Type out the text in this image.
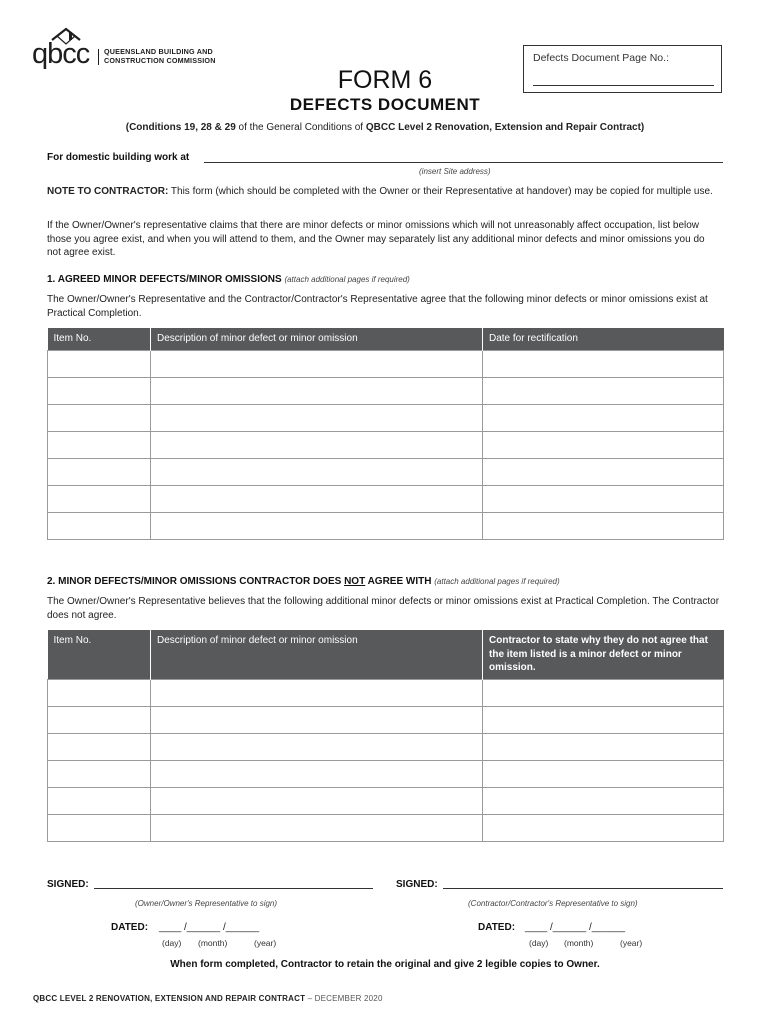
qbcc QUEENSLAND BUILDING AND
CONSTRUCTION COMMISSION	Defects Document Page No.:
FORM 6
DEFECTS DOCUMENT
(Conditions 19, 28 & 29 of the General Conditions of QBCC Level 2 Renovation, Extension and Repair Contract)
For domestic building work at
(insert Site address)
NOTE TO CONTRACTOR: This form (which should be completed with the Owner or their Representative at handover) may be copied for multiple use.
If the Owner/Owner's representative claims that there are minor defects or minor omissions which will not unreasonably affect occupation, list below those you agree exist, and when you will attend to them, and the Owner may separately list any additional minor defects and minor omissions you do not agree exist.
1. AGREED MINOR DEFECTS/MINOR OMISSIONS (attach additional pages if required)
The Owner/Owner's Representative and the Contractor/Contractor's Representative agree that the following minor defects or minor omissions exist at Practical Completion.
Item No.	Description of minor defect or minor omission	Date for rectification

2. MINOR DEFECTS/MINOR OMISSIONS CONTRACTOR DOES NOT AGREE WITH (attach additional pages if required)
The Owner/Owner's Representative believes that the following additional minor defects or minor omissions exist at Practical Completion. The Contractor does not agree.
Item No.	Description of minor defect or minor omission	Contractor to state why they do not agree that the item listed is a minor defect or minor omission.

SIGNED:
(Owner/Owner's Representative to sign)
SIGNED:
(Contractor/Contractor's Representative to sign)
DATED: ____ /______ /______
(day) (month)	(year)
DATED: ____ /______ /______
(day) (month)	(year)
When form completed, Contractor to retain the original and give 2 legible copies to Owner.
QBCC LEVEL 2 RENOVATION, EXTENSION AND REPAIR CONTRACT – DECEMBER 2020
